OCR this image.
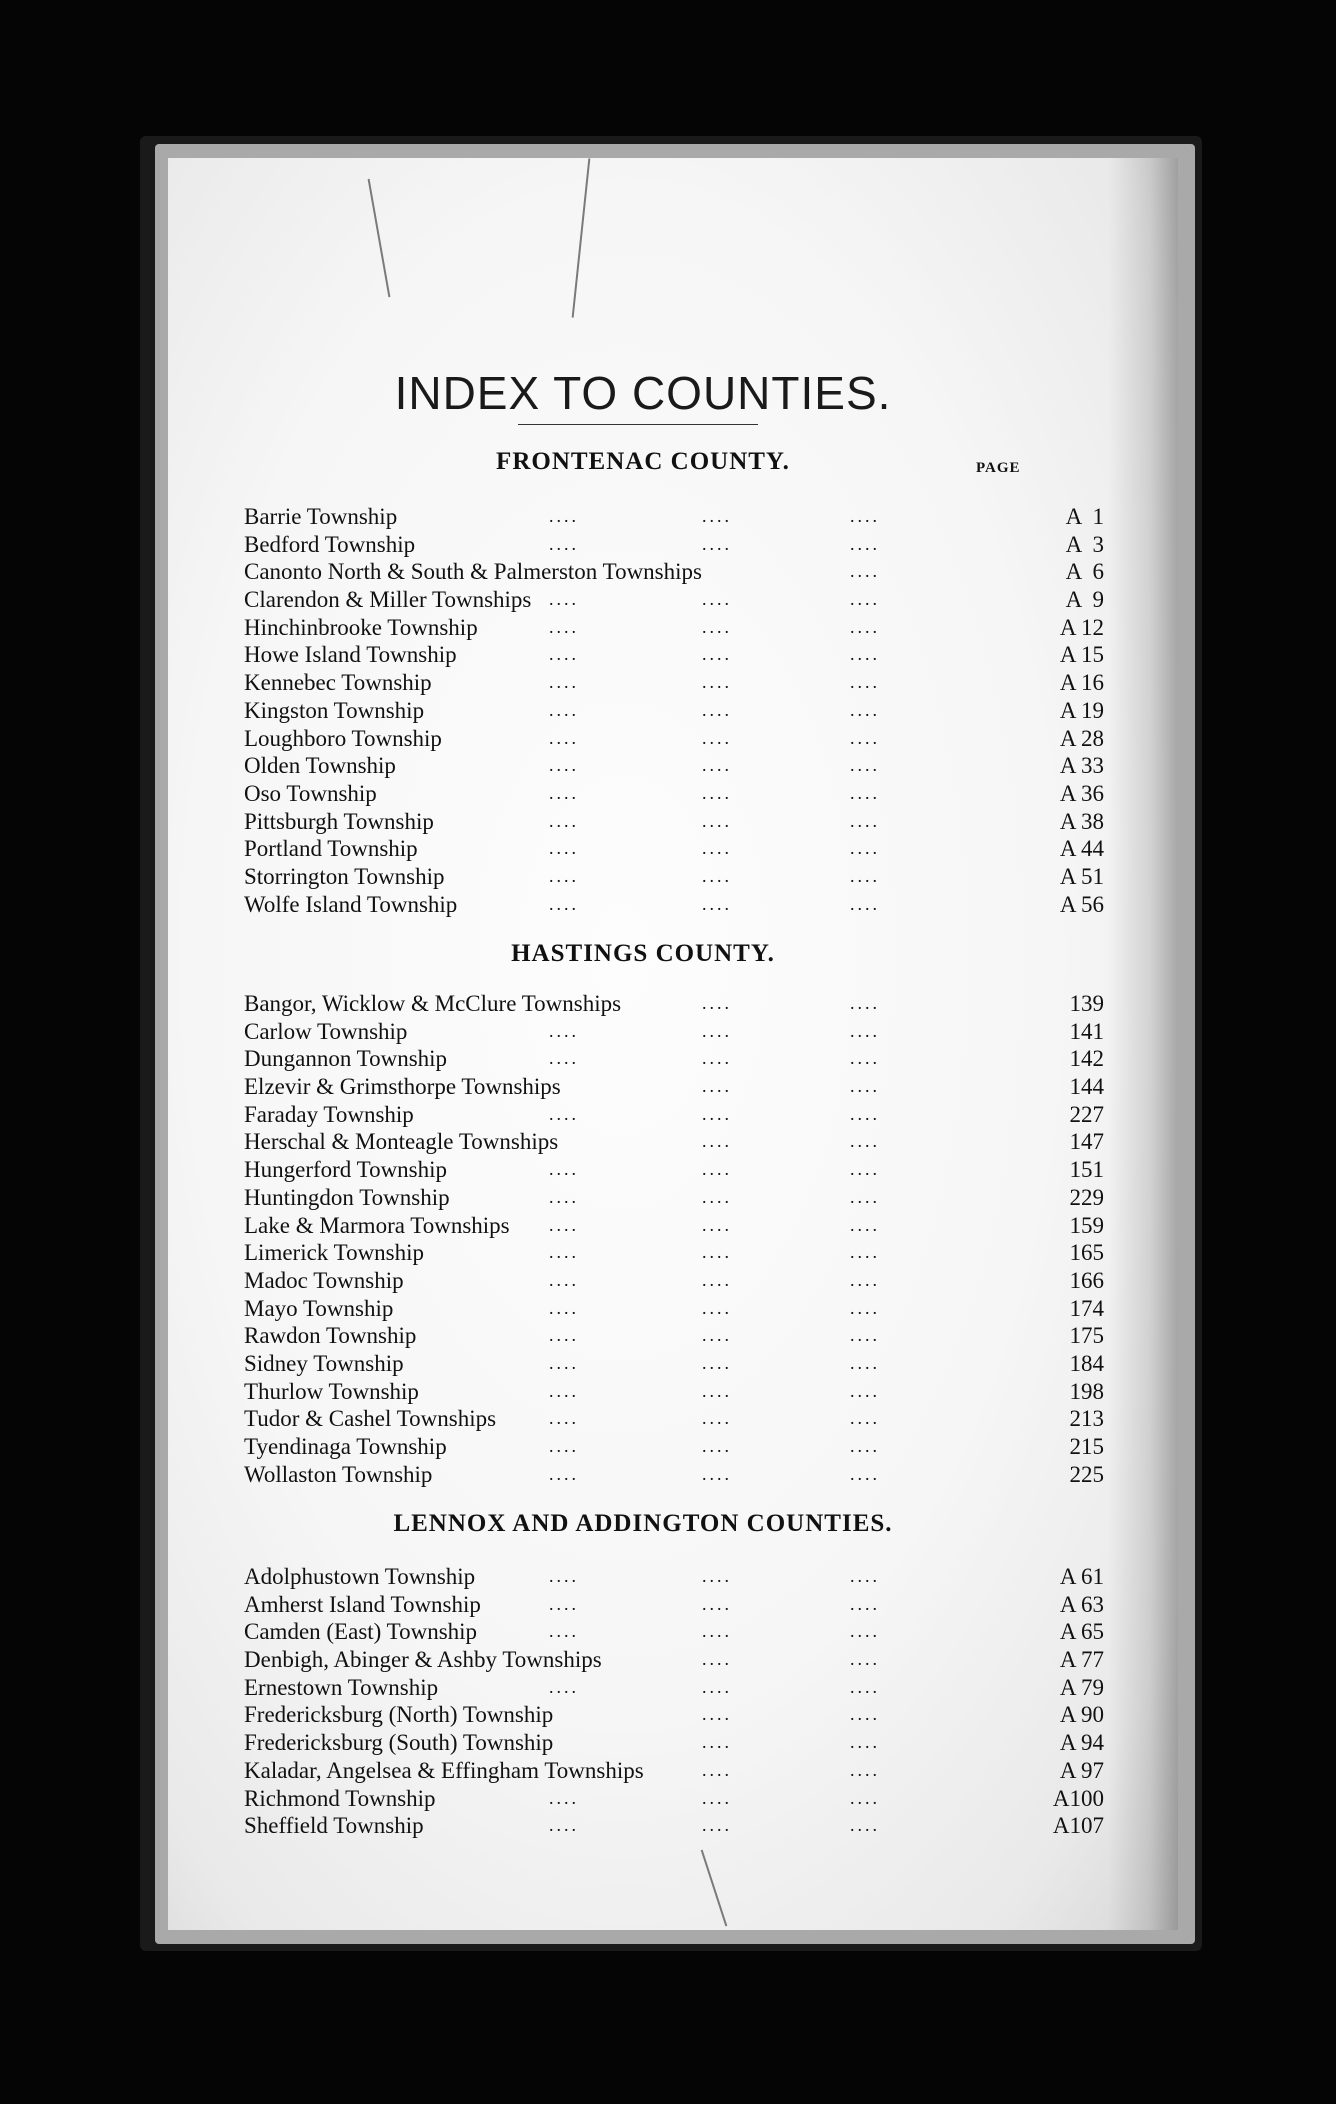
INDEX TO COUNTIES.
FRONTENAC COUNTY.	PAGE
Barrie Township	....	....	....	A  1
Bedford Township	....	....	....	A  3
Canonto North & South & Palmerston Townships	....	A  6
Clarendon & Miller Townships ....	....	....	A  9
Hinchinbrooke Township	....	....	....	A 12
Howe Island Township	....	....	....	A 15
Kennebec Township	....	....	....	A 16
Kingston Township	....	....	....	A 19
Loughboro Township	....	....	....	A 28
Olden Township	....	....	....	A 33
Oso Township	....	....	....	A 36
Pittsburgh Township	....	....	....	A 38
Portland Township	....	....	....	A 44
Storrington Township	....	....	....	A 51
Wolfe Island Township	....	....	....	A 56
HASTINGS COUNTY.
Bangor, Wicklow & McClure Townships	....	....	139
Carlow Township	....	....	....	141
Dungannon Township	....	....	....	142
Elzevir & Grimsthorpe Townships	....	....	144
Faraday Township	....	....	....	227
Herschal & Monteagle Townships	....	....	147
Hungerford Township	....	....	....	151
Huntingdon Township	....	....	....	229
Lake & Marmora Townships ....	....	....	159
Limerick Township	....	....	....	165
Madoc Township	....	....	....	166
Mayo Township	....	....	....	174
Rawdon Township	....	....	....	175
Sidney Township	....	....	....	184
Thurlow Township	....	....	....	198
Tudor & Cashel Townships	....	....	....	213
Tyendinaga Township	....	....	....	215
Wollaston Township	....	....	....	225
LENNOX AND ADDINGTON COUNTIES.
Adolphustown Township	....	....	....	A 61
Amherst Island Township	....	....	....	A 63
Camden (East) Township	....	....	....	A 65
Denbigh, Abinger & Ashby Townships	....	....	A 77
Ernestown Township	....	....	....	A 79
Fredericksburg (North) Township	....	....	A 90
Fredericksburg (South) Township	....	....	A 94
Kaladar, Angelsea & Effingham Townships	....	....	A 97
Richmond Township	....	....	....	A100
Sheffield Township	....	....	....	A107
